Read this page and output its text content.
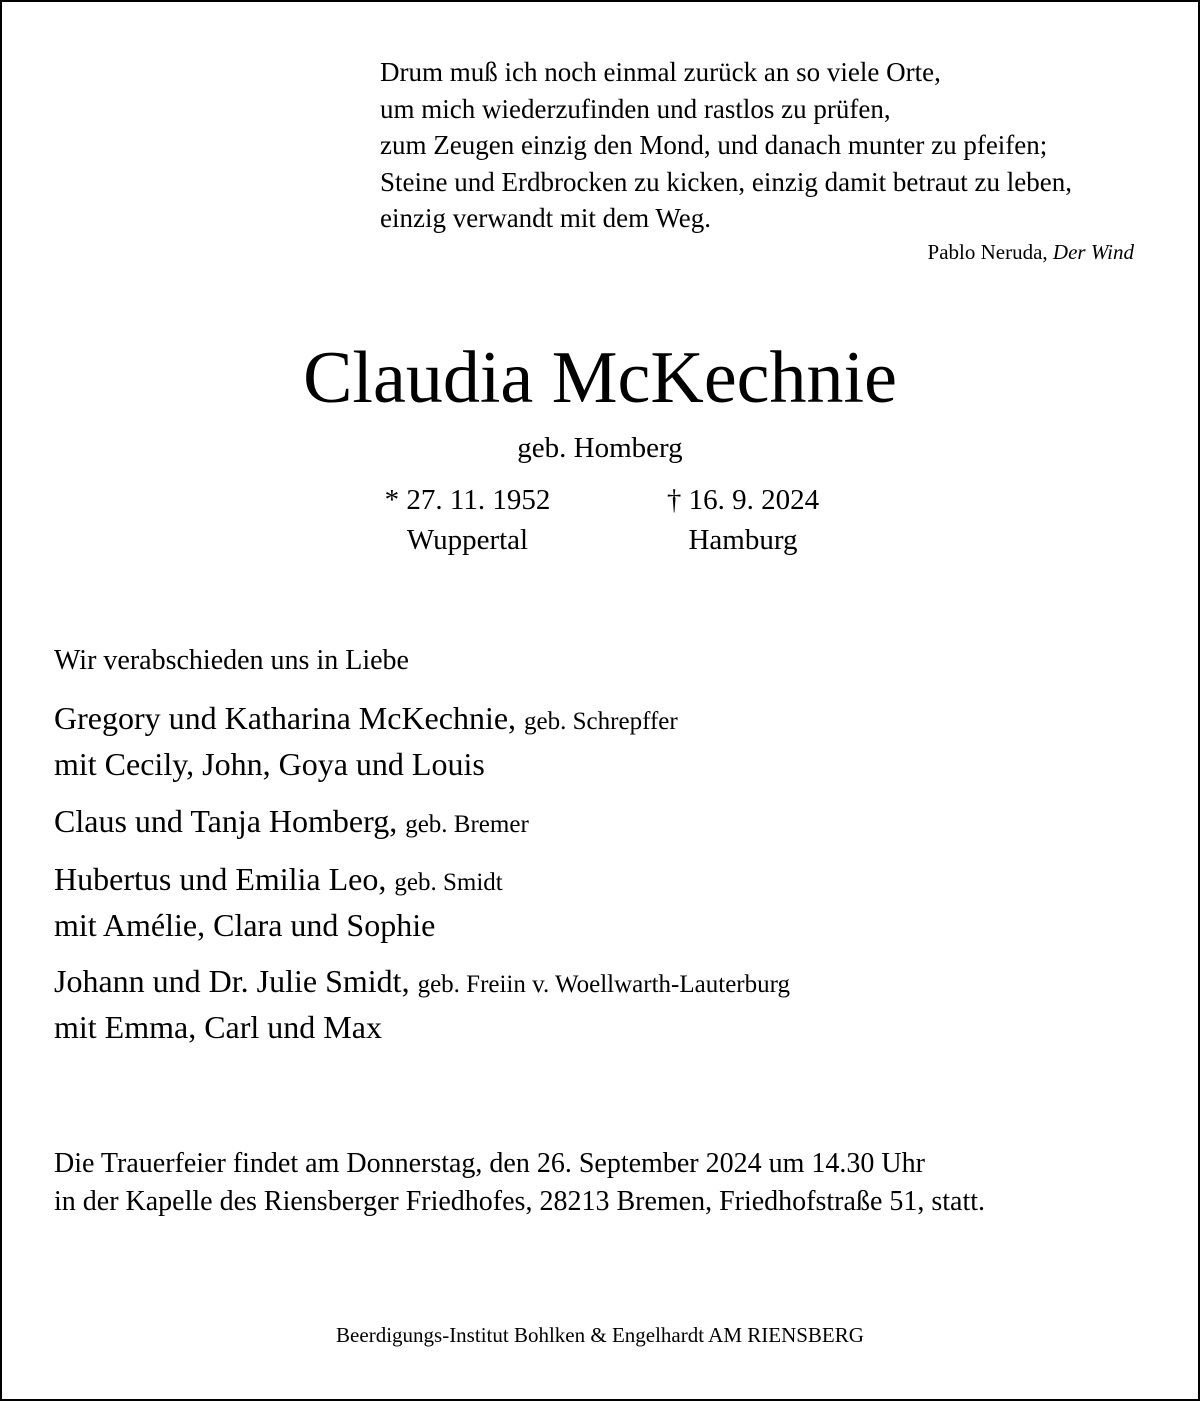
Drum muß ich noch einmal zurück an so viele Orte,
um mich wiederzufinden und rastlos zu prüfen,
zum Zeugen einzig den Mond, und danach munter zu pfeifen;
Steine und Erdbrocken zu kicken, einzig damit betraut zu leben,
einzig verwandt mit dem Weg.
Pablo Neruda, Der Wind
Claudia McKechnie
geb. Homberg
* 27. 11. 1952
Wuppertal
† 16. 9. 2024
Hamburg
Wir verabschieden uns in Liebe
Gregory und Katharina McKechnie, geb. Schrepffer
mit Cecily, John, Goya und Louis
Claus und Tanja Homberg, geb. Bremer
Hubertus und Emilia Leo, geb. Smidt
mit Amélie, Clara und Sophie
Johann und Dr. Julie Smidt, geb. Freiin v. Woellwarth-Lauterburg
mit Emma, Carl und Max
Die Trauerfeier findet am Donnerstag, den 26. September 2024 um 14.30 Uhr
in der Kapelle des Riensberger Friedhofes, 28213 Bremen, Friedhofstraße 51, statt.
Beerdigungs-Institut Bohlken & Engelhardt AM RIENSBERG
